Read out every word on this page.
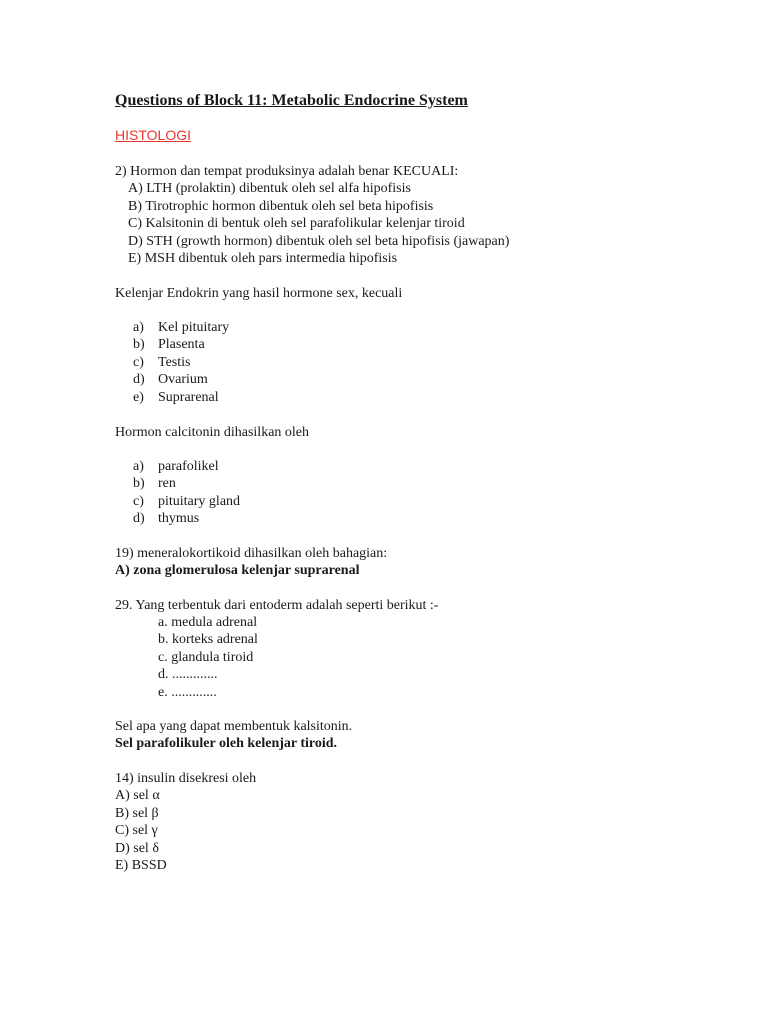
Questions of Block 11: Metabolic Endocrine System
HISTOLOGI
2) Hormon dan tempat produksinya adalah benar KECUALI:
A) LTH (prolaktin) dibentuk oleh sel alfa hipofisis
B) Tirotrophic hormon dibentuk oleh sel beta hipofisis
C) Kalsitonin di bentuk oleh sel parafolikular kelenjar tiroid
D) STH (growth hormon) dibentuk oleh sel beta hipofisis (jawapan)
E) MSH dibentuk oleh pars intermedia hipofisis
Kelenjar Endokrin yang hasil hormone sex, kecuali
a)	Kel pituitary
b) Plasenta
c)	Testis
d) Ovarium
e)	Suprarenal
Hormon calcitonin dihasilkan oleh
a)	parafolikel
b) ren
c)	pituitary gland
d) thymus
19) meneralokortikoid dihasilkan oleh bahagian:
A) zona glomerulosa kelenjar suprarenal
29. Yang terbentuk dari entoderm adalah seperti berikut :-
a. medula adrenal
b. korteks adrenal
c. glandula tiroid
d. .............
e. .............
Sel apa yang dapat membentuk kalsitonin.
Sel parafolikuler oleh kelenjar tiroid.
14) insulin disekresi oleh
A) sel α
B) sel β
C) sel γ
D) sel δ
E) BSSD
